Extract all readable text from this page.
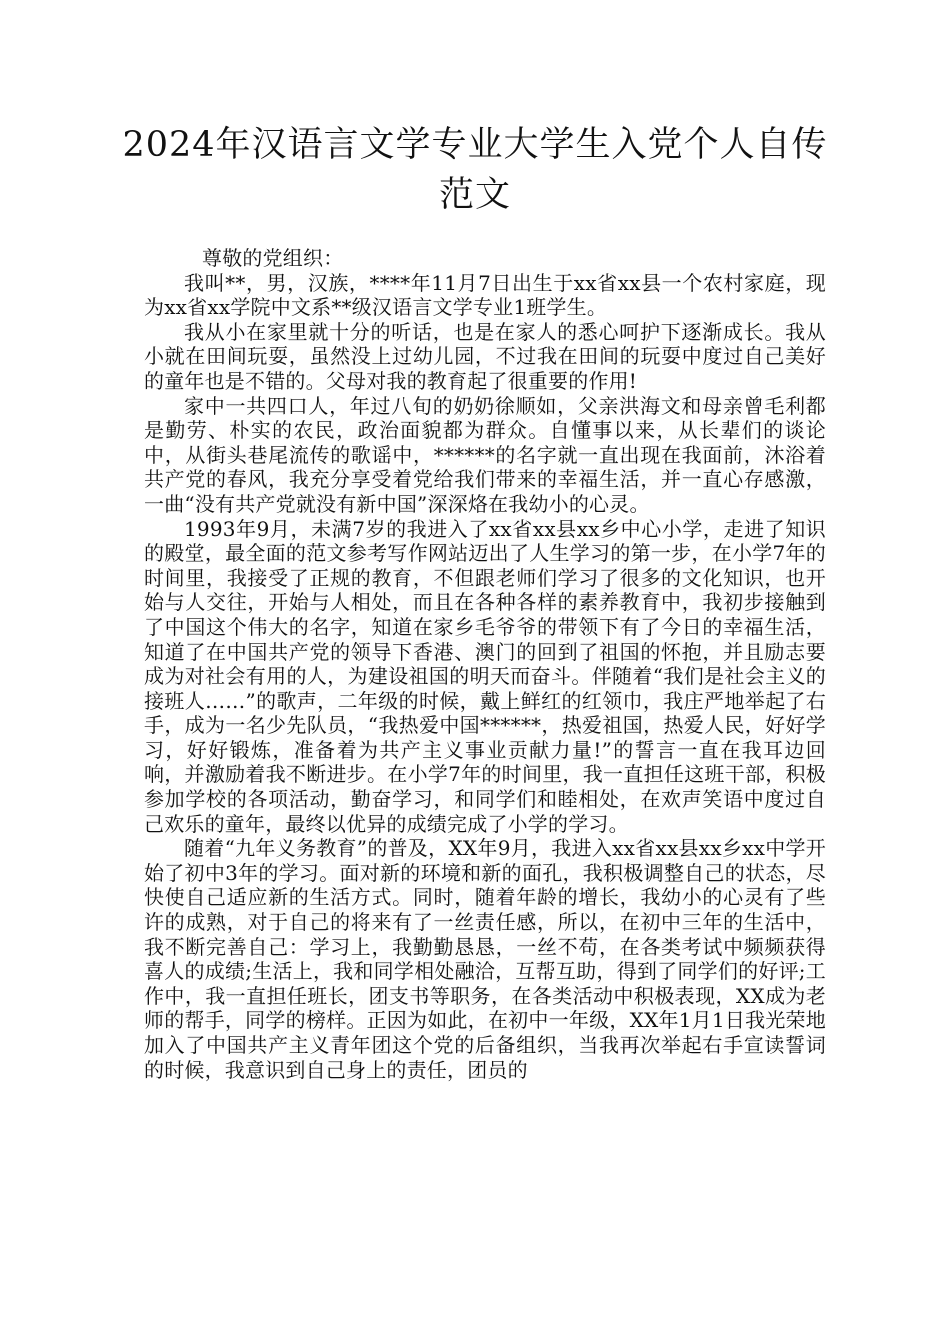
2024年汉语言文学专业大学生入党个人自传范文

尊敬的党组织：

我叫**，男，汉族，****年11月7日出生于xx省xx县一个农村家庭，现为xx省xx学院中文系**级汉语言文学专业1班学生。

我从小在家里就十分的听话，也是在家人的悉心呵护下逐渐成长。我从小就在田间玩耍，虽然没上过幼儿园，不过我在田间的玩耍中度过自己美好的童年也是不错的。父母对我的教育起了很重要的作用!

家中一共四口人，年过八旬的奶奶徐顺如，父亲洪海文和母亲曾毛利都是勤劳、朴实的农民，政治面貌都为群众。自懂事以来，从长辈们的谈论中，从街头巷尾流传的歌谣中，******的名字就一直出现在我面前，沐浴着共产党的春风，我充分享受着党给我们带来的幸福生活，并一直心存感激，一曲“没有共产党就没有新中国”深深烙在我幼小的心灵。

1993年9月，未满7岁的我进入了xx省xx县xx乡中心小学，走进了知识的殿堂，最全面的范文参考写作网站迈出了人生学习的第一步，在小学7年的时间里，我接受了正规的教育，不但跟老师们学习了很多的文化知识，也开始与人交往，开始与人相处，而且在各种各样的素养教育中，我初步接触到了中国这个伟大的名字，知道在家乡毛爷爷的带领下有了今日的幸福生活，知道了在中国共产党的领导下香港、澳门的回到了祖国的怀抱，并且励志要成为对社会有用的人，为建设祖国的明天而奋斗。伴随着“我们是社会主义的接班人……”的歌声，二年级的时候，戴上鲜红的红领巾，我庄严地举起了右手，成为一名少先队员，“我热爱中国******，热爱祖国，热爱人民，好好学习，好好锻炼，准备着为共产主义事业贡献力量!”的誓言一直在我耳边回响，并激励着我不断进步。在小学7年的时间里，我一直担任这班干部，积极参加学校的各项活动，勤奋学习，和同学们和睦相处，在欢声笑语中度过自己欢乐的童年，最终以优异的成绩完成了小学的学习。

随着“九年义务教育”的普及，XX年9月，我进入xx省xx县xx乡xx中学开始了初中3年的学习。面对新的环境和新的面孔，我积极调整自己的状态，尽快使自己适应新的生活方式。同时，随着年龄的增长，我幼小的心灵有了些许的成熟，对于自己的将来有了一丝责任感，所以，在初中三年的生活中，我不断完善自己：学习上，我勤勤恳恳，一丝不苟，在各类考试中频频获得喜人的成绩;生活上，我和同学相处融洽，互帮互助，得到了同学们的好评;工作中，我一直担任班长，团支书等职务，在各类活动中积极表现，XX成为老师的帮手，同学的榜样。正因为如此，在初中一年级，XX年1月1日我光荣地加入了中国共产主义青年团这个党的后备组织，当我再次举起右手宣读誓词的时候，我意识到自己身上的责任，团员的
